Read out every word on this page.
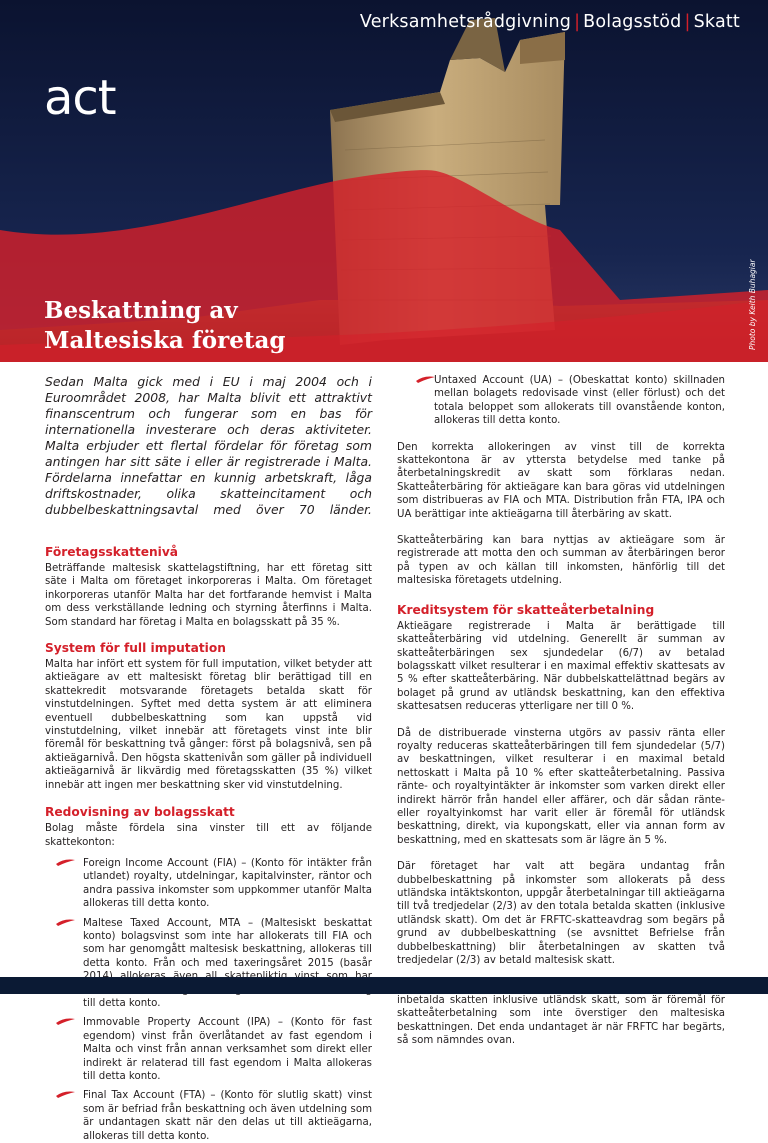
Verksamhetsrådgivning | Bolagsstöd | Skatt
act
Beskattning av
Maltesiska företag	Photo by Keith Buhagiar

Sedan Malta gick med i EU i maj 2004 och i Euroområdet 2008, har Malta blivit ett attraktivt finanscentrum och fungerar som en bas för internationella investerare och deras aktiviteter. Malta erbjuder ett flertal fördelar för företag som antingen har sitt säte i eller är registrerade i Malta. Fördelarna innefattar en kunnig arbetskraft, låga driftskostnader, olika skatteincitament och dubbelbeskattningsavtal med över 70 länder.

Företagsskattenivå

Beträffande maltesisk skattelagstiftning, har ett företag sitt säte i Malta om företaget inkorporeras i Malta. Om företaget inkorporeras utanför Malta har det fortfarande hemvist i Malta om dess verkställande ledning och styrning återfinns i Malta. Som standard har företag i Malta en bolagsskatt på 35 %.

System för full imputation

Malta har infört ett system för full imputation, vilket betyder att aktieägare av ett maltesiskt företag blir berättigad till en skattekredit motsvarande företagets betalda skatt för vinstutdelningen. Syftet med detta system är att eliminera eventuell dubbelbeskattning som kan uppstå vid vinstutdelning, vilket innebär att företagets vinst inte blir föremål för beskattning två gånger: först på bolagsnivå, sen på aktieägarnivå. Den högsta skattenivån som gäller på individuell aktieägarnivå är likvärdig med företagsskatten (35 %) vilket innebär att ingen mer beskattning sker vid vinstutdelning.

Redovisning av bolagsskatt

Bolag måste fördela sina vinster till ett av följande skattekonton:

Foreign Income Account (FIA) – (Konto för intäkter från utlandet) royalty, utdelningar, kapitalvinster, räntor och andra passiva inkomster som uppkommer utanför Malta allokeras till detta konto.
Maltese Taxed Account, MTA – (Maltesiskt beskattat konto) bolagsvinst som inte har allokerats till FIA och som har genomgått maltesisk beskattning, allokeras till detta konto. Från och med taxeringsåret 2015 (basår till detta konto.
Immovable Property Account (IPA) – (Konto för fast egendom) vinst från överlåtandet av fast egendom i Malta och vinst från annan verksamhet som direkt eller indirekt är relaterad till fast egendom i Malta allokeras till detta konto.
Final Tax Account (FTA) – (Konto för slutlig skatt) vinst som är befriad från beskattning och även utdelning som är undantagen skatt när den delas ut till aktieägarna, allokeras till detta konto.
Untaxed Account (UA) – (Obeskattat konto) skillnaden mellan bolagets redovisade vinst (eller förlust) och det totala beloppet som allokerats till ovanstående konton, allokeras till detta konto.

Den korrekta allokeringen av vinst till de korrekta skattekontona är av yttersta betydelse med tanke på återbetalningskredit av skatt som förklaras nedan. Skatteåterbäring för aktieägare kan bara göras vid utdelningen som distribueras av FIA och MTA. Distribution från FTA, IPA och UA berättigar inte aktieägarna till återbäring av skatt.

Skatteåterbäring kan bara nyttjas av aktieägare som är registrerade att motta den och summan av återbäringen beror på typen av och källan till inkomsten, hänförlig till det maltesiska företagets utdelning.

Kreditsystem för skatteåterbetalning

Aktieägare registrerade i Malta är berättigade till skatteåterbäring vid utdelning. Generellt är summan av skatteåterbäringen sex sjundedelar (6/7) av betalad bolagsskatt vilket resulterar i en maximal effektiv skattesats av 5 % efter skatteåterbäring. När dubbelskattelättnad begärs av bolaget på grund av utländsk beskattning, kan den effektiva skattesatsen reduceras ytterligare ner till 0 %.

Då de distribuerade vinsterna utgörs av passiv ränta eller royalty reduceras skatteåterbäringen till fem sjundedelar (5/7) av beskattningen, vilket resulterar i en maximal betald nettoskatt i Malta på 10 % efter skatteåterbetalning. Passiva ränte- och royaltyintäkter är inkomster som varken direkt eller indirekt härrör från handel eller affärer, och där sådan ränte- eller royaltyinkomst har varit eller är föremål för utländsk beskattning, direkt, via kupongskatt, eller via annan form av beskattning, med en skattesats som är lägre än 5 %.

Där företaget har valt att begära undantag från dubbelbeskattning på inkomster som allokerats på dess utländska intäktskonton, uppgår återbetalningar till aktieägarna till två tredjedelar (2/3) av den totala betalda skatten (inklusive utländsk skatt). Om det är FRFTC-skatteavdrag som begärs på grund av dubbelbeskattning (se avsnittet Befrielse från dubbelbeskattning) blir återbetalningen av skatten två tredjedelar (2/3) av betald maltesisk skatt.

inbetalda skatten inklusive utländsk skatt, som är föremål för skatteåterbetalning som inte överstiger den maltesiska beskattningen. Det enda undantaget är när FRFTC har begärts, så som nämndes ovan.
